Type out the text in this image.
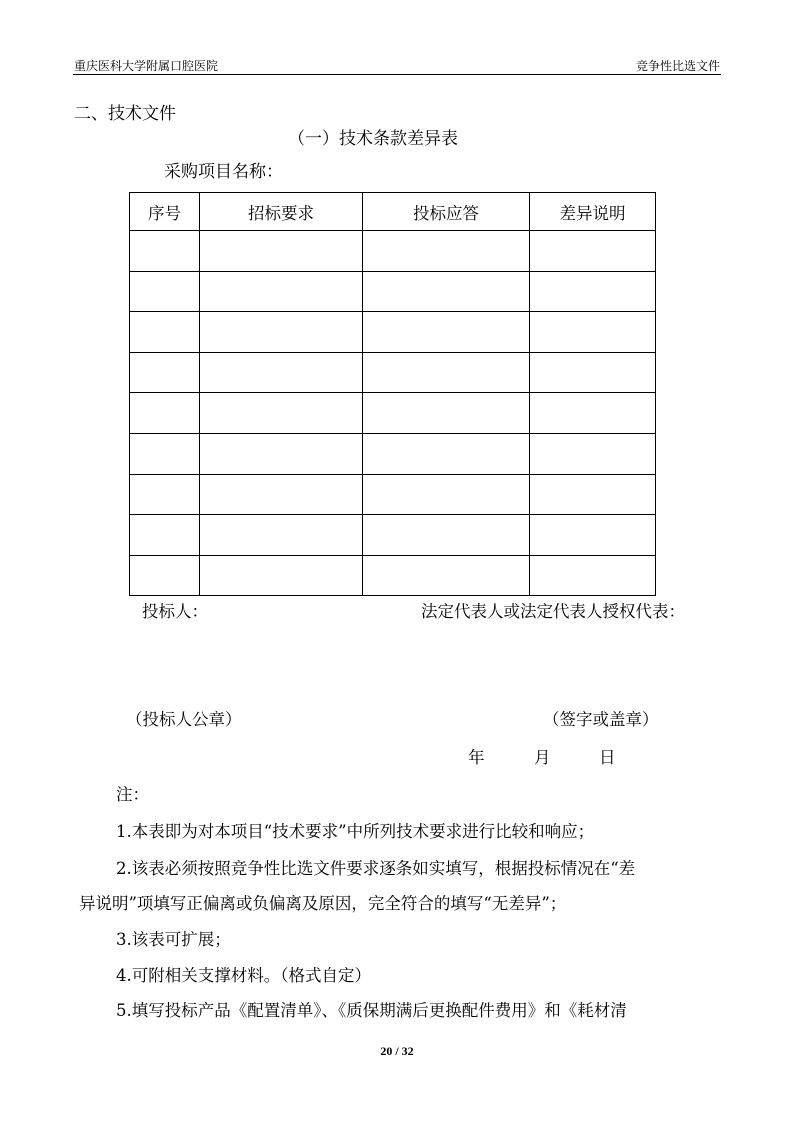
重庆医科大学附属口腔医院	竞争性比选文件
二、技术文件
（一）技术条款差异表
采购项目名称：
序号	招标要求	投标应答	差异说明

投标人：	法定代表人或法定代表人授权代表：
（投标人公章）	（签字或盖章）
年	月	日
注：
1.本表即为对本项目“技术要求”中所列技术要求进行比较和响应；
2.该表必须按照竞争性比选文件要求逐条如实填写，根据投标情况在“差
异说明”项填写正偏离或负偏离及原因，完全符合的填写“无差异”；
3.该表可扩展；
4.可附相关支撑材料。（格式自定）
5.填写投标产品《配置清单》、《质保期满后更换配件费用》和《耗材清
20 / 32
